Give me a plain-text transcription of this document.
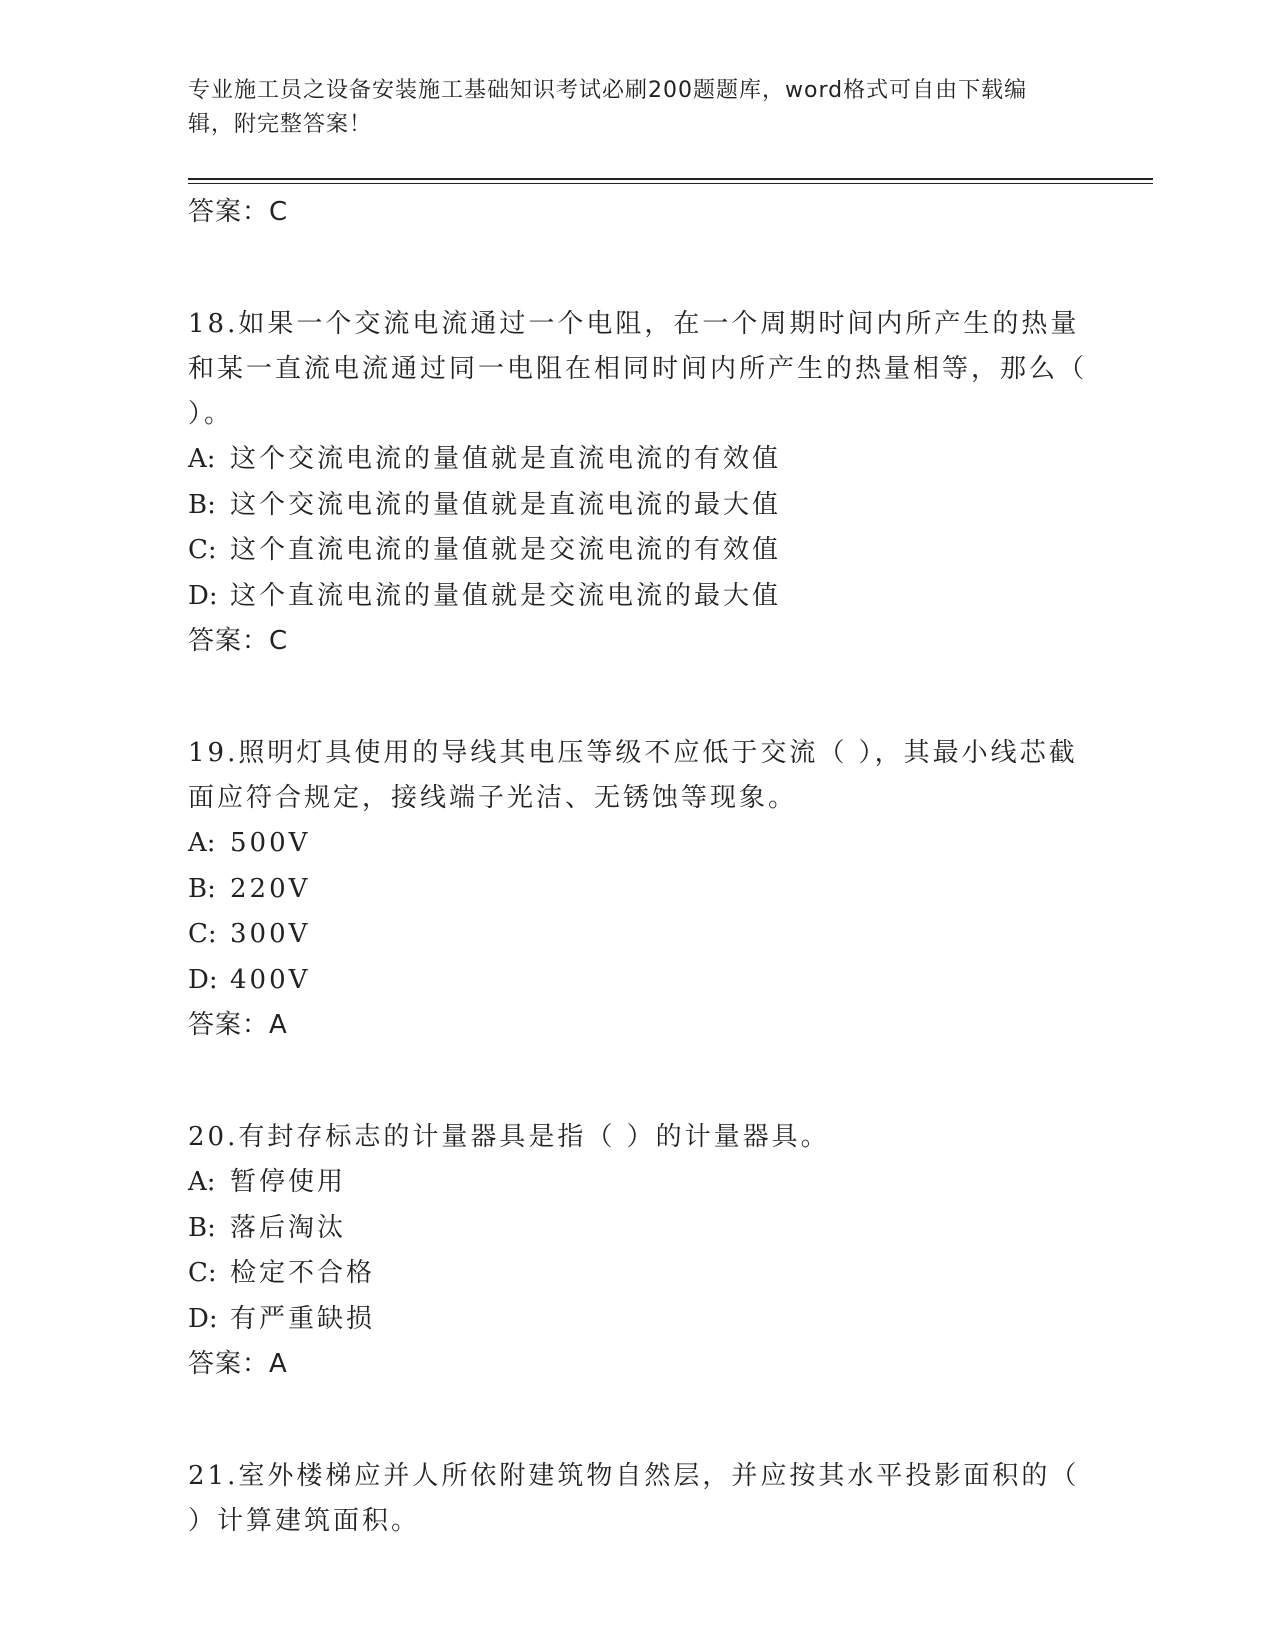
专业施工员之设备安装施工基础知识考试必刷200题题库，word格式可自由下载编辑，附完整答案！

答案：C

18.如果一个交流电流通过一个电阻，在一个周期时间内所产生的热量和某一直流电流通过同一电阻在相同时间内所产生的热量相等，那么（ ）。

A: 这个交流电流的量值就是直流电流的有效值

B: 这个交流电流的量值就是直流电流的最大值

C: 这个直流电流的量值就是交流电流的有效值

D: 这个直流电流的量值就是交流电流的最大值

答案：C

19.照明灯具使用的导线其电压等级不应低于交流（ ），其最小线芯截面应符合规定，接线端子光洁、无锈蚀等现象。

A: 500V

B: 220V

C: 300V

D: 400V

答案：A

20.有封存标志的计量器具是指（ ）的计量器具。

A: 暂停使用

B: 落后淘汰

C: 检定不合格

D: 有严重缺损

答案：A

21.室外楼梯应并人所依附建筑物自然层，并应按其水平投影面积的（ ）计算建筑面积。
